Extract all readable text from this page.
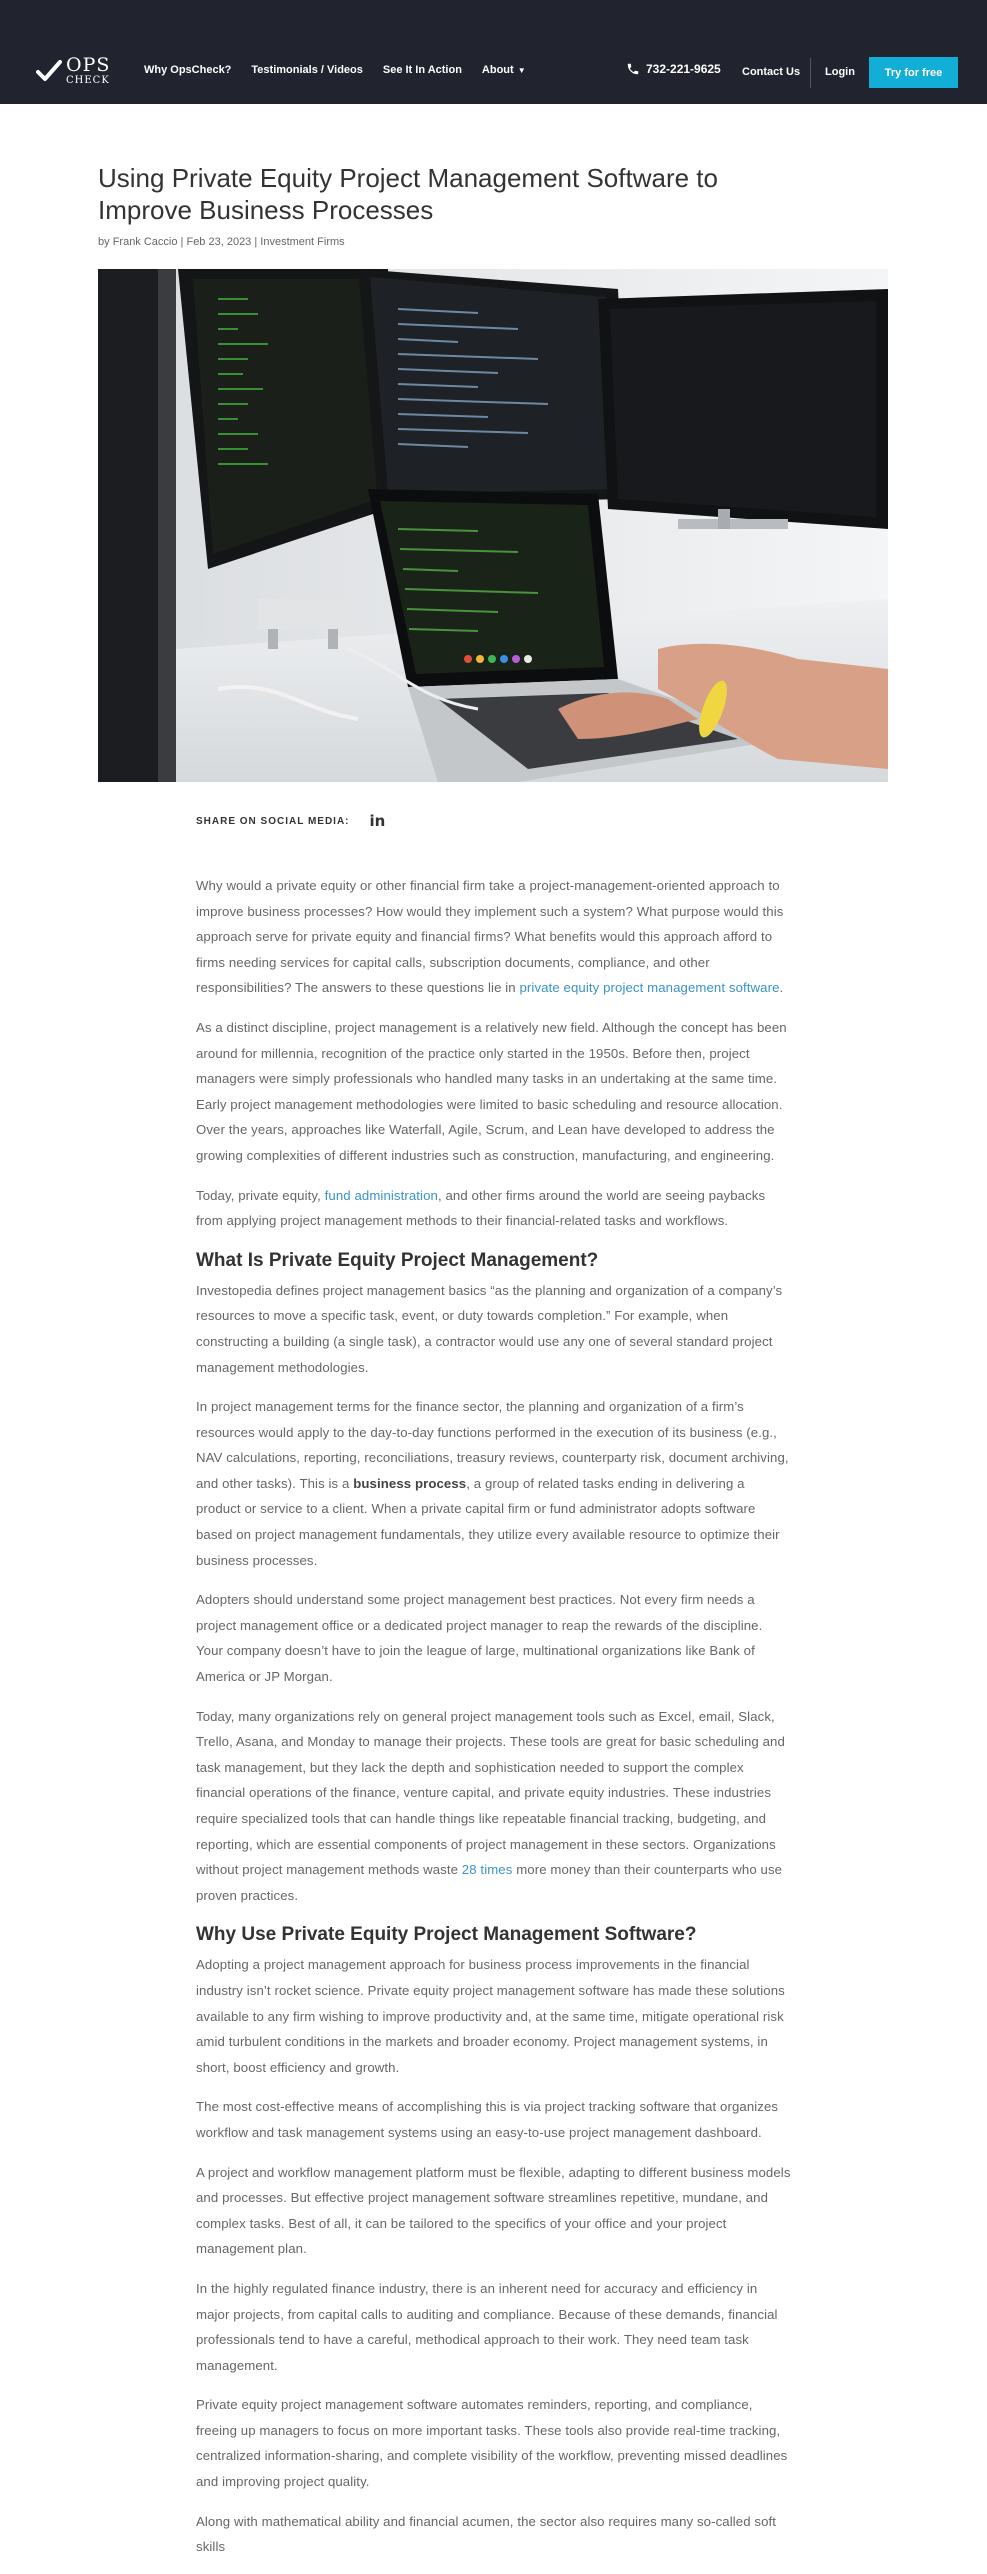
OPS
CHECK
Why OpsCheck? Testimonials / Videos See It In Action About ▼	732-221-9625 Contact Us Login	Try for free
Using Private Equity Project Management Software to Improve Business Processes
by Frank Caccio | Feb 23, 2023 | Investment Firms
SHARE ON SOCIAL MEDIA: in

Why would a private equity or other financial firm take a project-management-oriented approach to improve business processes? How would they implement such a system? What purpose would this approach serve for private equity and financial firms? What benefits would this approach afford to firms needing services for capital calls, subscription documents, compliance, and other responsibilities? The answers to these questions lie in private equity project management software.

As a distinct discipline, project management is a relatively new field. Although the concept has been around for millennia, recognition of the practice only started in the 1950s. Before then, project managers were simply professionals who handled many tasks in an undertaking at the same time. Early project management methodologies were limited to basic scheduling and resource allocation. Over the years, approaches like Waterfall, Agile, Scrum, and Lean have developed to address the growing complexities of different industries such as construction, manufacturing, and engineering.

Today, private equity, fund administration, and other firms around the world are seeing paybacks from applying project management methods to their financial-related tasks and workflows.

What Is Private Equity Project Management?

Investopedia defines project management basics “as the planning and organization of a company’s resources to move a specific task, event, or duty towards completion.” For example, when constructing a building (a single task), a contractor would use any one of several standard project management methodologies.

In project management terms for the finance sector, the planning and organization of a firm’s resources would apply to the day-to-day functions performed in the execution of its business (e.g., NAV calculations, reporting, reconciliations, treasury reviews, counterparty risk, document archiving, and other tasks). This is a business process, a group of related tasks ending in delivering a product or service to a client. When a private capital firm or fund administrator adopts software based on project management fundamentals, they utilize every available resource to optimize their business processes.

Adopters should understand some project management best practices. Not every firm needs a project management office or a dedicated project manager to reap the rewards of the discipline. Your company doesn’t have to join the league of large, multinational organizations like Bank of America or JP Morgan.

Today, many organizations rely on general project management tools such as Excel, email, Slack, Trello, Asana, and Monday to manage their projects. These tools are great for basic scheduling and task management, but they lack the depth and sophistication needed to support the complex financial operations of the finance, venture capital, and private equity industries. These industries require specialized tools that can handle things like repeatable financial tracking, budgeting, and reporting, which are essential components of project management in these sectors. Organizations without project management methods waste 28 times more money than their counterparts who use proven practices.

Why Use Private Equity Project Management Software?

Adopting a project management approach for business process improvements in the financial industry isn’t rocket science. Private equity project management software has made these solutions available to any firm wishing to improve productivity and, at the same time, mitigate operational risk amid turbulent conditions in the markets and broader economy. Project management systems, in short, boost efficiency and growth.

The most cost-effective means of accomplishing this is via project tracking software that organizes workflow and task management systems using an easy-to-use project management dashboard.

A project and workflow management platform must be flexible, adapting to different business models and processes. But effective project management software streamlines repetitive, mundane, and complex tasks. Best of all, it can be tailored to the specifics of your office and your project management plan.

In the highly regulated finance industry, there is an inherent need for accuracy and efficiency in major projects, from capital calls to auditing and compliance. Because of these demands, financial professionals tend to have a careful, methodical approach to their work. They need team task management.

Private equity project management software automates reminders, reporting, and compliance, freeing up managers to focus on more important tasks. These tools also provide real-time tracking, centralized information-sharing, and complete visibility of the workflow, preventing missed deadlines and improving project quality.

Along with mathematical ability and financial acumen, the sector also requires many so-called soft skills
